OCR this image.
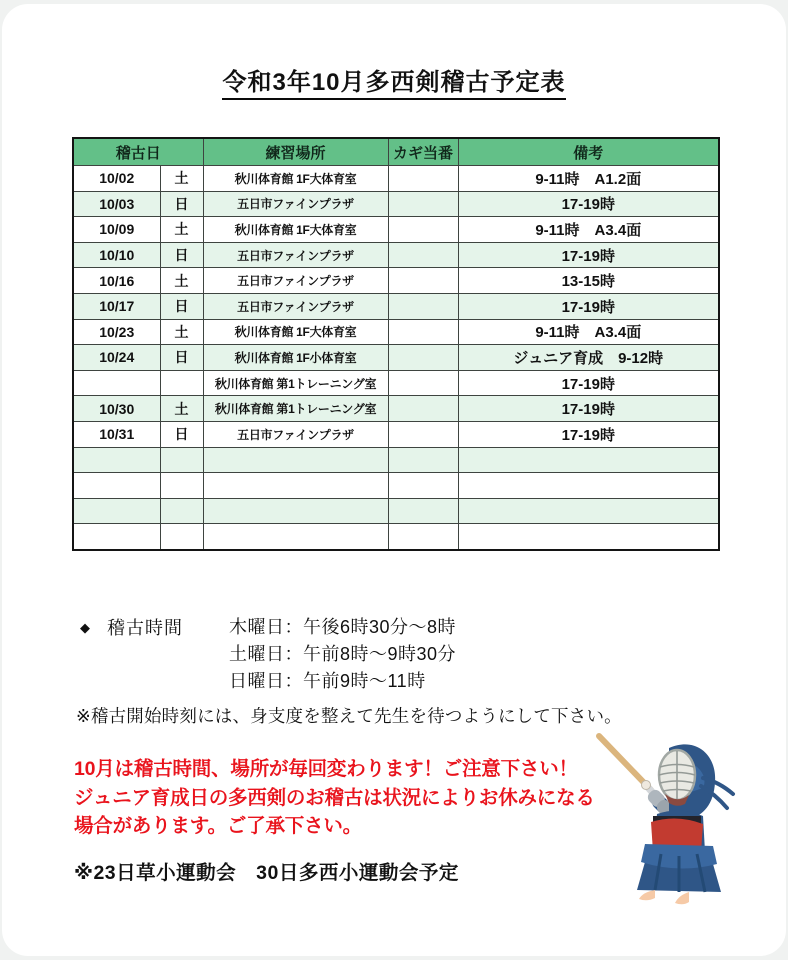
令和3年10月多西剣稽古予定表
稽古日		練習場所	カギ当番	備考
10/02	土	秋川体育館 1F大体育室		9-11時　A1.2面
10/03	日	五日市ファインプラザ		17-19時
10/09	土	秋川体育館 1F大体育室		9-11時　A3.4面
10/10	日	五日市ファインプラザ		17-19時
10/16	土	五日市ファインプラザ		13-15時
10/17	日	五日市ファインプラザ		17-19時
10/23	土	秋川体育館 1F大体育室		9-11時　A3.4面
10/24	日	秋川体育館 1F小体育室		ジュニア育成　9-12時
		秋川体育館 第1トレーニング室		17-19時
10/30	土	秋川体育館 第1トレーニング室		17-19時
10/31	日	五日市ファインプラザ		17-19時

◆ 稽古時間	木曜日：午後6時30分～8時
土曜日：午前8時～9時30分
日曜日：午前9時～11時
※稽古開始時刻には、身支度を整えて先生を待つようにして下さい。
10月は稽古時間、場所が毎回変わります！ご注意下さい！
ジュニア育成日の多西剣のお稽古は状況によりお休みになる
場合があります。ご了承下さい。
※23日草小運動会　30日多西小運動会予定
